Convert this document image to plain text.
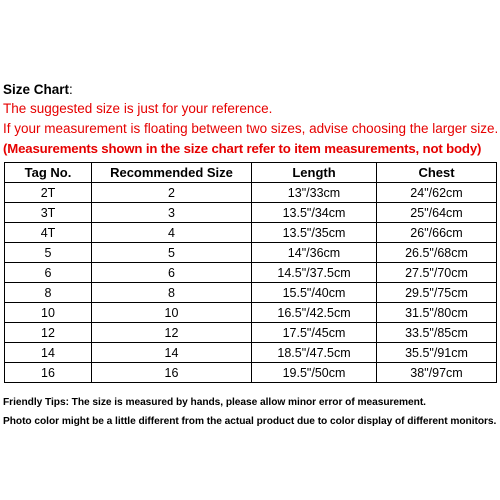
Size Chart:
The suggested size is just for your reference.
If your measurement is floating between two sizes, advise choosing the larger size.
(Measurements shown in the size chart refer to item measurements, not body)
Tag No.	Recommended Size	Length	Chest
2T	2	13"/33cm	24"/62cm
3T	3	13.5"/34cm	25"/64cm
4T	4	13.5"/35cm	26"/66cm
5	5	14"/36cm	26.5"/68cm
6	6	14.5"/37.5cm	27.5"/70cm
8	8	15.5"/40cm	29.5"/75cm
10	10	16.5"/42.5cm	31.5"/80cm
12	12	17.5"/45cm	33.5"/85cm
14	14	18.5"/47.5cm	35.5"/91cm
16	16	19.5"/50cm	38"/97cm
Friendly Tips: The size is measured by hands, please allow minor error of measurement.
Photo color might be a little different from the actual product due to color display of different monitors.
